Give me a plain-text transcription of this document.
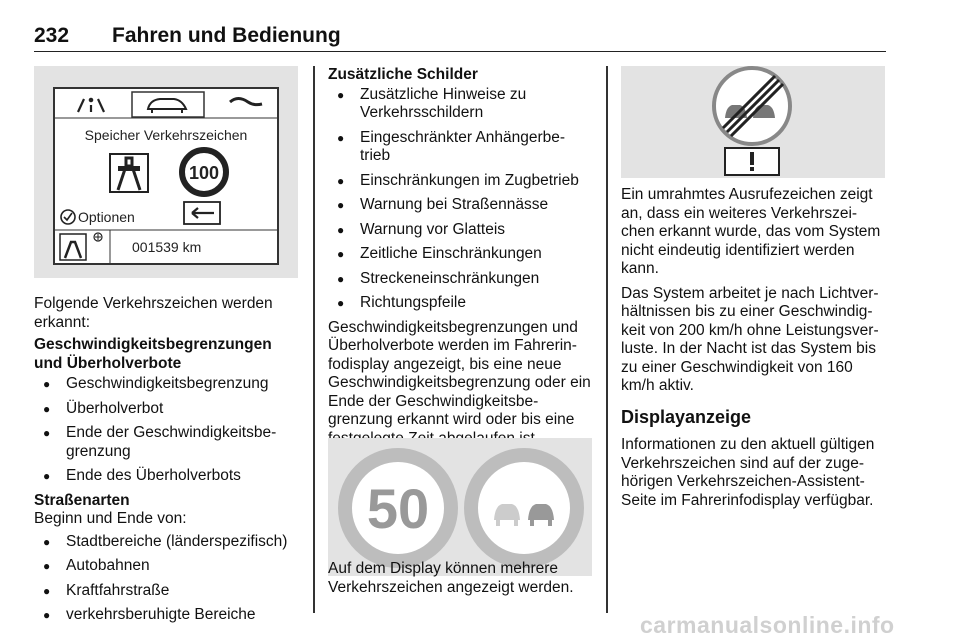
232 Fahren und Bedienung
Speicher Verkehrszeichen
100
Optionen
001539 km

Folgende Verkehrszeichen werden erkannt:

Geschwindigkeitsbegrenzungen und Überholverbote

● Geschwindigkeitsbegrenzung
● Überholverbot
● Ende der Geschwindigkeitsbe-grenzung
● Ende des Überholverbots

Straßenarten

Beginn und Ende von:

● Stadtbereiche (länderspezifisch)
● Autobahnen
● Kraftfahrstraße
● verkehrsberuhigte Bereiche

Zusätzliche Schilder

● Zusätzliche Hinweise zu Verkehrsschildern
● Eingeschränkter Anhängerbe-trieb
● Einschränkungen im Zugbetrieb
● Warnung bei Straßennässe
● Warnung vor Glatteis
● Zeitliche Einschränkungen
● Streckeneinschränkungen
● Richtungspfeile

Geschwindigkeitsbegrenzungen und Überholverbote werden im Fahrerin-fodisplay angezeigt, bis eine neue Geschwindigkeitsbegrenzung oder ein Ende der Geschwindigkeitsbe-grenzung erkannt wird oder bis eine

50

Auf dem Display können mehrere Verkehrszeichen angezeigt werden.

Ein umrahmtes Ausrufezeichen zeigt an, dass ein weiteres Verkehrszei-chen erkannt wurde, das vom System nicht eindeutig identifiziert werden kann.

Das System arbeitet je nach Lichtver-hältnissen bis zu einer Geschwindig-keit von 200 km/h ohne Leistungsver-luste. In der Nacht ist das System bis zu einer Geschwindigkeit von 160 km/h aktiv.

Displayanzeige

Informationen zu den aktuell gültigen Verkehrszeichen sind auf der zuge-hörigen Verkehrszeichen-Assistent-Seite im Fahrerinfodisplay verfügbar.

carmanualsonline.info
